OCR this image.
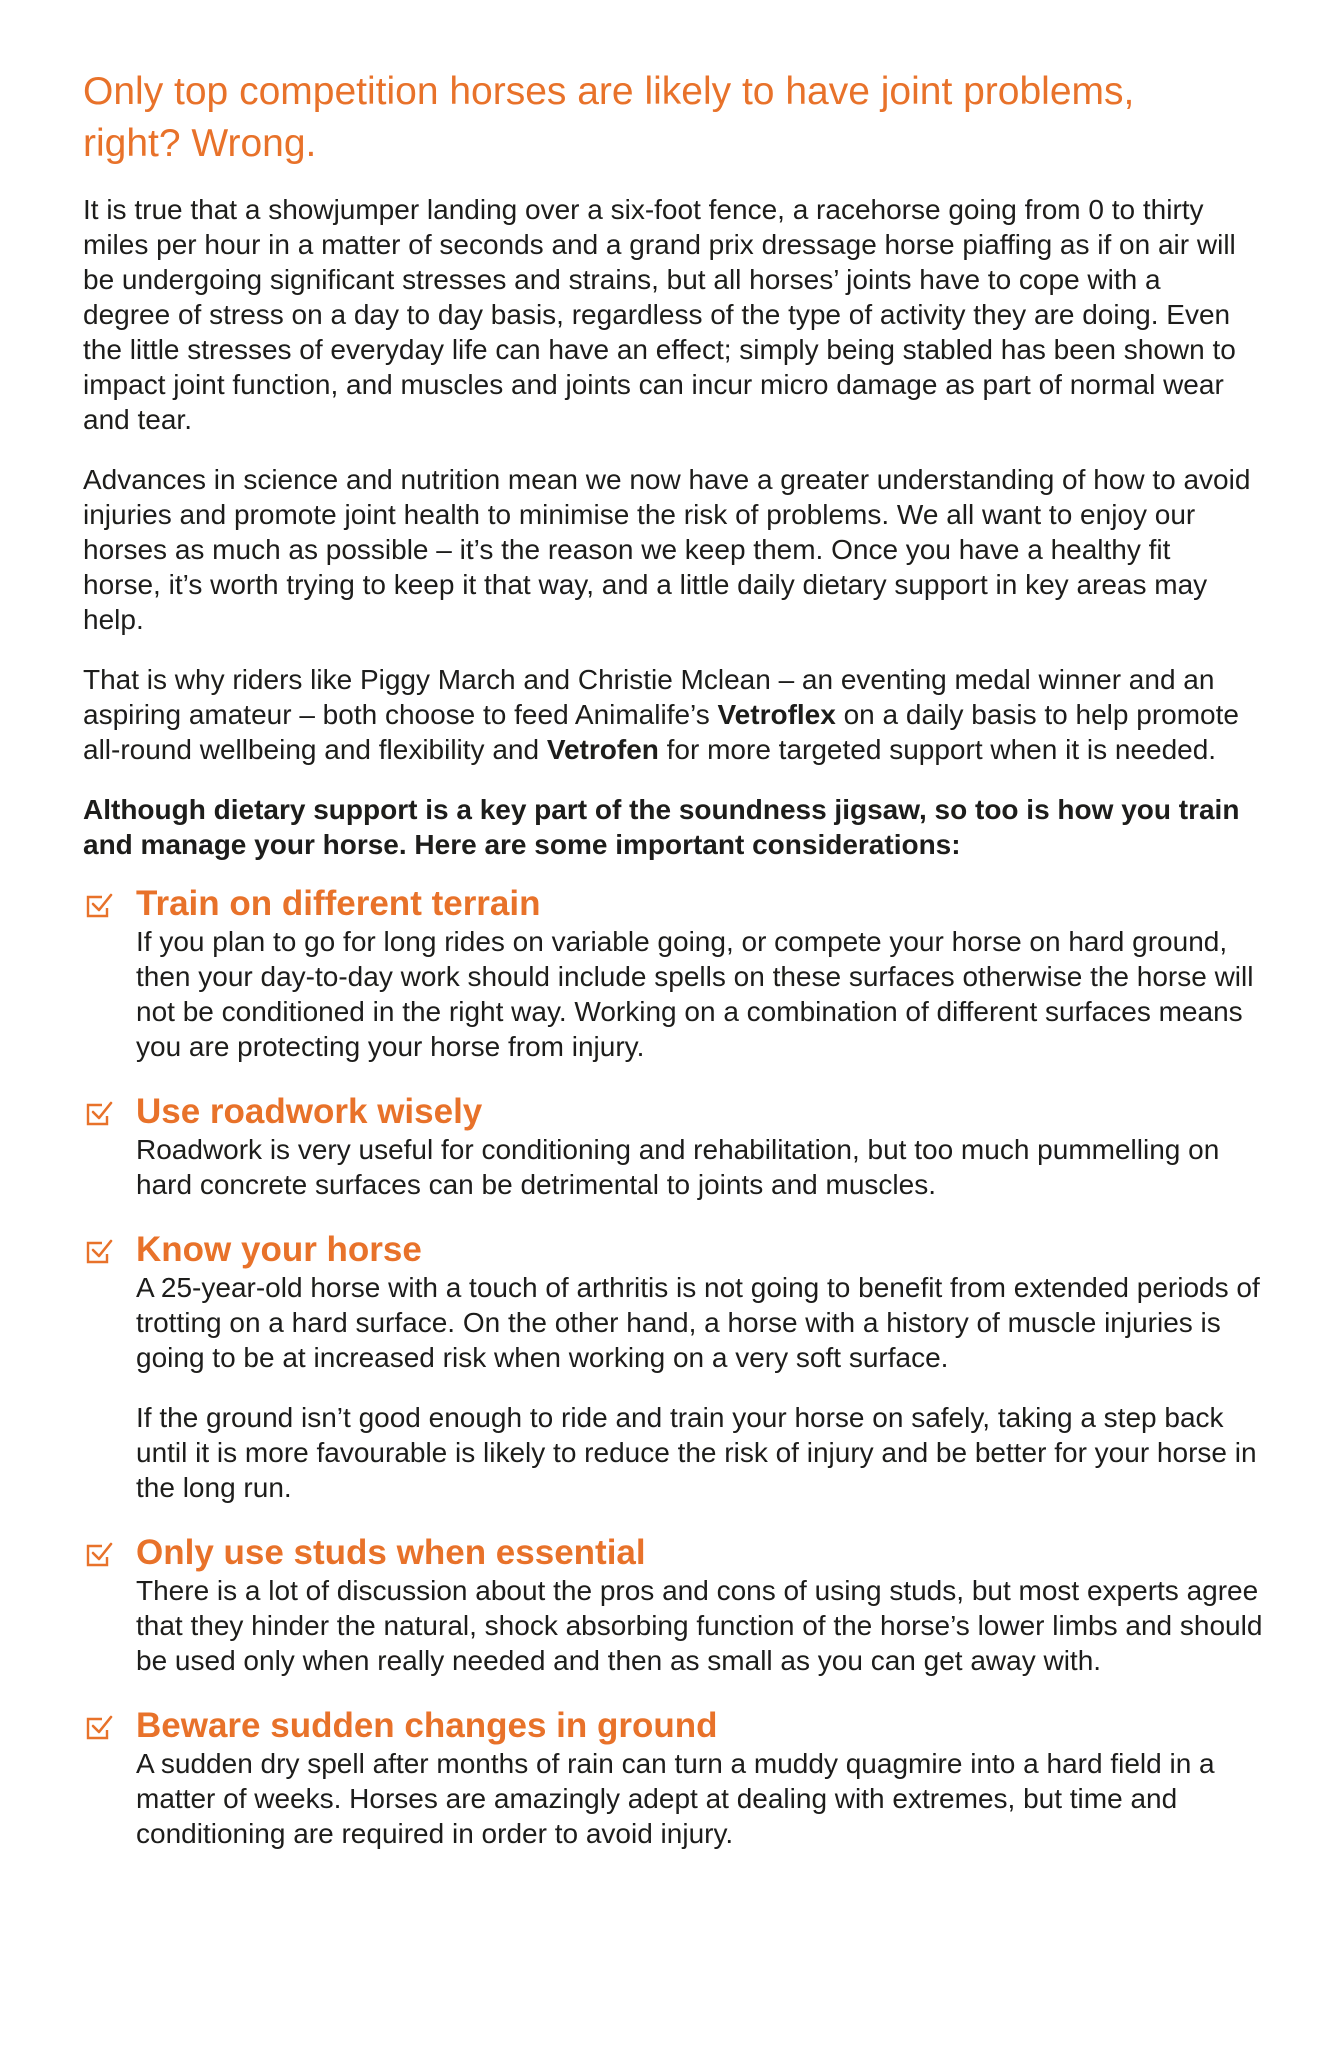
Only top competition horses are likely to have joint problems, right? Wrong.

It is true that a showjumper landing over a six-foot fence, a racehorse going from 0 to thirty miles per hour in a matter of seconds and a grand prix dressage horse piaffing as if on air will be undergoing significant stresses and strains, but all horses’ joints have to cope with a degree of stress on a day to day basis, regardless of the type of activity they are doing. Even the little stresses of everyday life can have an effect; simply being stabled has been shown to impact joint function, and muscles and joints can incur micro damage as part of normal wear and tear.

Advances in science and nutrition mean we now have a greater understanding of how to avoid injuries and promote joint health to minimise the risk of problems. We all want to enjoy our horses as much as possible – it’s the reason we keep them. Once you have a healthy fit horse, it’s worth trying to keep it that way, and a little daily dietary support in key areas may help.

That is why riders like Piggy March and Christie Mclean – an eventing medal winner and an aspiring amateur – both choose to feed Animalife’s Vetroflex on a daily basis to help promote all-round wellbeing and flexibility and Vetrofen for more targeted support when it is needed.

Although dietary support is a key part of the soundness jigsaw, so too is how you train and manage your horse. Here are some important considerations:

Train on different terrain

If you plan to go for long rides on variable going, or compete your horse on hard ground, then your day-to-day work should include spells on these surfaces otherwise the horse will not be conditioned in the right way. Working on a combination of different surfaces means you are protecting your horse from injury.

Use roadwork wisely

Roadwork is very useful for conditioning and rehabilitation, but too much pummelling on hard concrete surfaces can be detrimental to joints and muscles.

Know your horse

A 25-year-old horse with a touch of arthritis is not going to benefit from extended periods of trotting on a hard surface. On the other hand, a horse with a history of muscle injuries is going to be at increased risk when working on a very soft surface.

If the ground isn’t good enough to ride and train your horse on safely, taking a step back until it is more favourable is likely to reduce the risk of injury and be better for your horse in the long run.

Only use studs when essential

There is a lot of discussion about the pros and cons of using studs, but most experts agree that they hinder the natural, shock absorbing function of the horse’s lower limbs and should be used only when really needed and then as small as you can get away with.

Beware sudden changes in ground

A sudden dry spell after months of rain can turn a muddy quagmire into a hard field in a matter of weeks. Horses are amazingly adept at dealing with extremes, but time and conditioning are required in order to avoid injury.
